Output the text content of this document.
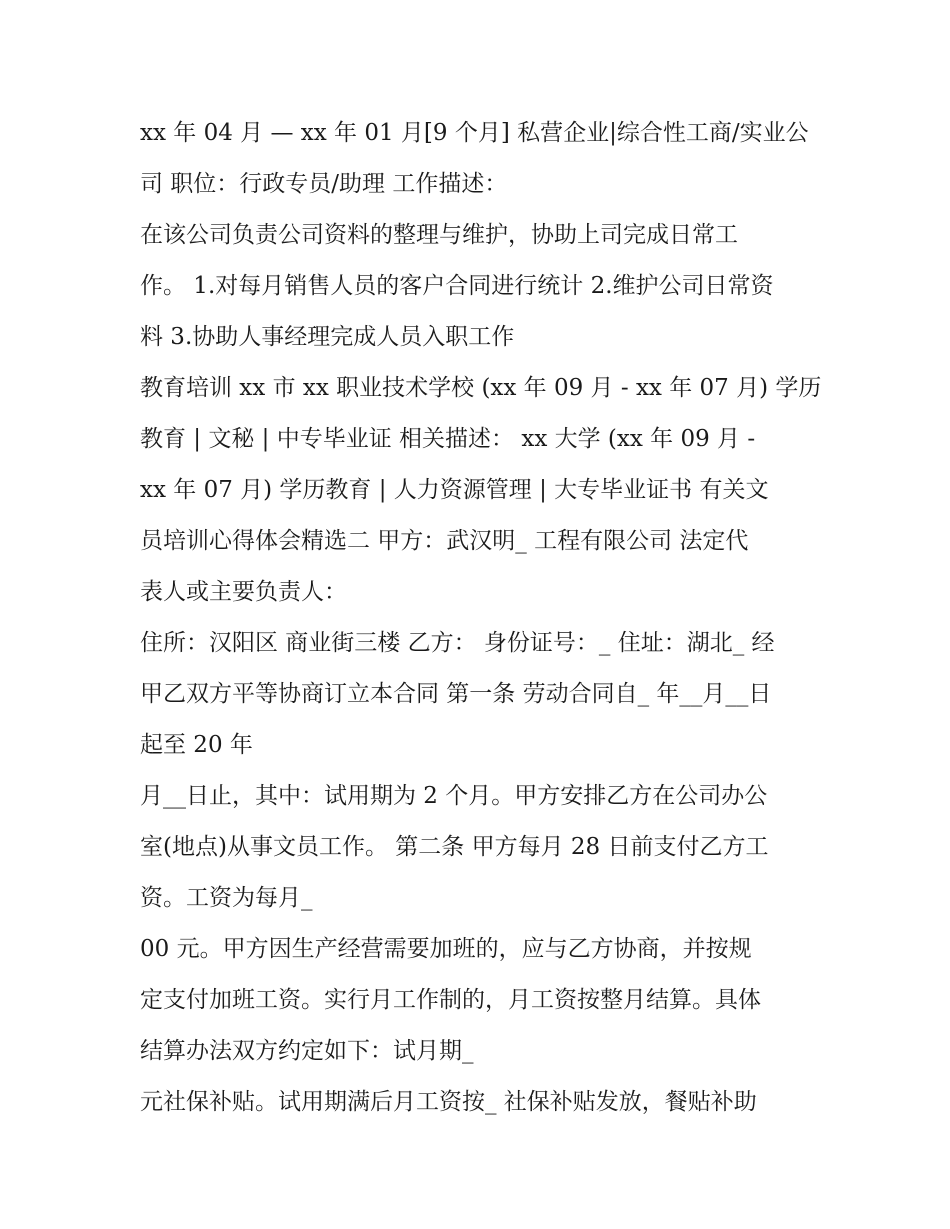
xx 年 04 月 — xx 年 01 月[9 个月] 私营企业|综合性工商/实业公
司 职位：行政专员/助理 工作描述：
在该公司负责公司资料的整理与维护，协助上司完成日常工
作。 1.对每月销售人员的客户合同进行统计 2.维护公司日常资
料 3.协助人事经理完成人员入职工作
教育培训 xx 市 xx 职业技术学校 (xx 年 09 月 - xx 年 07 月) 学历
教育 | 文秘 | 中专毕业证 相关描述： xx 大学 (xx 年 09 月 -
xx 年 07 月) 学历教育 | 人力资源管理 | 大专毕业证书 有关文
员培训心得体会精选二 甲方：武汉明_ 工程有限公司 法定代
表人或主要负责人：
住所：汉阳区 商业街三楼 乙方： 身份证号：_ 住址：湖北_ 经
甲乙双方平等协商订立本合同 第一条 劳动合同自_ 年__月__日
起至 20 年
月__日止，其中：试用期为 2 个月。甲方安排乙方在公司办公
室(地点)从事文员工作。 第二条 甲方每月 28 日前支付乙方工
资。工资为每月_
00 元。甲方因生产经营需要加班的，应与乙方协商，并按规
定支付加班工资。实行月工作制的，月工资按整月结算。具体
结算办法双方约定如下：试月期_
元社保补贴。试用期满后月工资按_ 社保补贴发放，餐贴补助
